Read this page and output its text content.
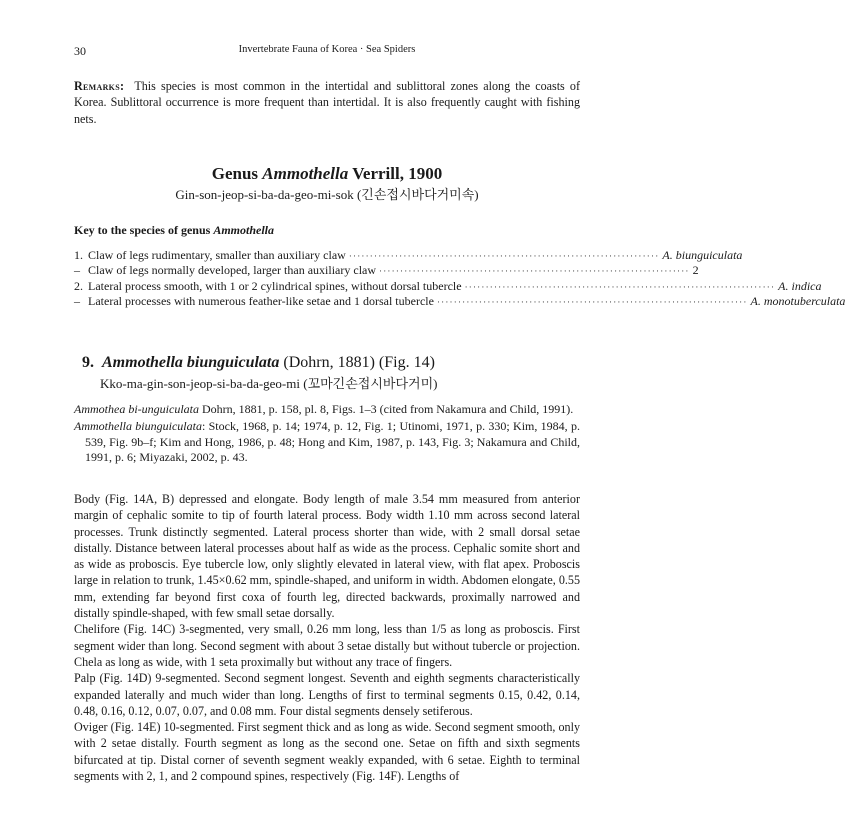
30	Invertebrate Fauna of Korea · Sea Spiders

Remarks: This species is most common in the intertidal and sublittoral zones along the coasts of Korea. Sublittoral occurrence is more frequent than intertidal. It is also frequently caught with fishing nets.

Genus Ammothella Verrill, 1900
Gin-son-jeop-si-ba-da-geo-mi-sok (긴손접시바다거미속)
Key to the species of genus Ammothella
1. Claw of legs rudimentary, smaller than auxiliary claw ·········································································· A. biunguiculata
– Claw of legs normally developed, larger than auxiliary claw ·········································································· 2
2. Lateral process smooth, with 1 or 2 cylindrical spines, without dorsal tubercle ·········································································· A. indica
– Lateral processes with numerous feather-like setae and 1 dorsal tubercle ·········································································· A. monotuberculata
9. Ammothella biunguiculata (Dohrn, 1881) (Fig. 14)
Kko-ma-gin-son-jeop-si-ba-da-geo-mi (꼬마긴손접시바다거미)
Ammothea bi-unguiculata Dohrn, 1881, p. 158, pl. 8, Figs. 1–3 (cited from Nakamura and Child, 1991).
Ammothella biunguiculata: Stock, 1968, p. 14; 1974, p. 12, Fig. 1; Utinomi, 1971, p. 330; Kim, 1984, p. 539, Fig. 9b–f; Kim and Hong, 1986, p. 48; Hong and Kim, 1987, p. 143, Fig. 3; Nakamura and Child, 1991, p. 6; Miyazaki, 2002, p. 43.

Body (Fig. 14A, B) depressed and elongate. Body length of male 3.54 mm measured from anterior margin of cephalic somite to tip of fourth lateral process. Body width 1.10 mm across second lateral processes. Trunk distinctly segmented. Lateral process shorter than wide, with 2 small dorsal setae distally. Distance between lateral processes about half as wide as the process. Cephalic somite short and as wide as proboscis. Eye tubercle low, only slightly elevated in lateral view, with flat apex. Proboscis large in relation to trunk, 1.45×0.62 mm, spindle-shaped, and uniform in width. Abdomen elongate, 0.55 mm, extending far beyond first coxa of fourth leg, directed backwards, proximally narrowed and distally spindle-shaped, with few small setae dorsally.

Chelifore (Fig. 14C) 3-segmented, very small, 0.26 mm long, less than 1/5 as long as proboscis. First segment wider than long. Second segment with about 3 setae distally but without tubercle or projection. Chela as long as wide, with 1 seta proximally but without any trace of fingers.

Palp (Fig. 14D) 9-segmented. Second segment longest. Seventh and eighth segments characteristically expanded laterally and much wider than long. Lengths of first to terminal segments 0.15, 0.42, 0.14, 0.48, 0.16, 0.12, 0.07, 0.07, and 0.08 mm. Four distal segments densely setiferous.

Oviger (Fig. 14E) 10-segmented. First segment thick and as long as wide. Second segment smooth, only with 2 setae distally. Fourth segment as long as the second one. Setae on fifth and sixth segments bifurcated at tip. Distal corner of seventh segment weakly expanded, with 6 setae. Eighth to terminal segments with 2, 1, and 2 compound spines, respectively (Fig. 14F). Lengths of
